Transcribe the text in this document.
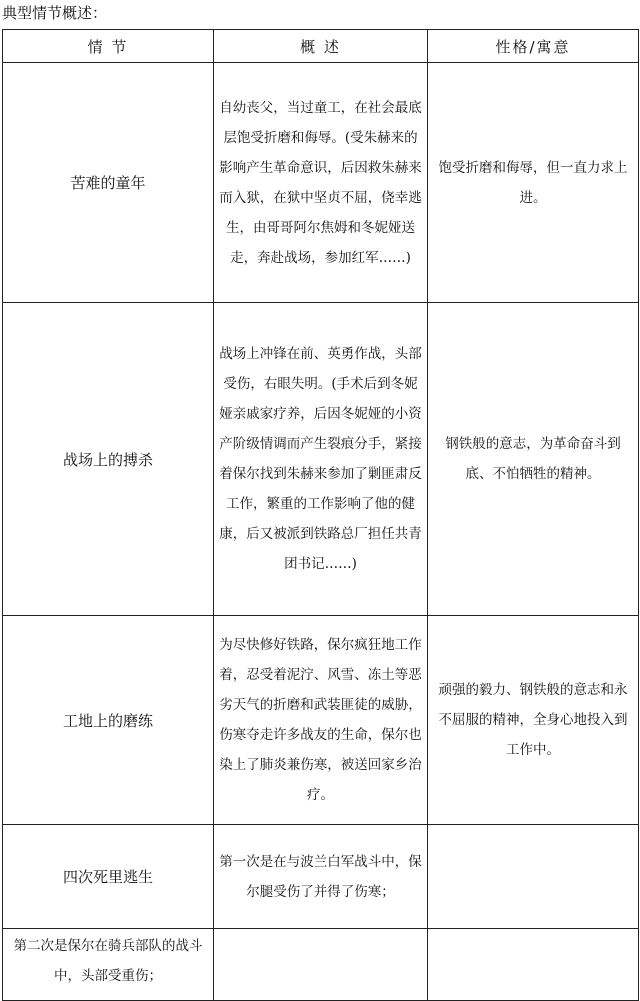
典型情节概述：
情 节	概 述	性格/寓意
苦难的童年	自幼丧父，当过童工，在社会最底层饱受折磨和侮辱。(受朱赫来的影响产生革命意识，后因救朱赫来而入狱，在狱中坚贞不屈，侥幸逃生，由哥哥阿尔焦姆和冬妮娅送走，奔赴战场，参加红军……)	饱受折磨和侮辱，但一直力求上进。
战场上的搏杀	战场上冲锋在前、英勇作战，头部受伤，右眼失明。(手术后到冬妮娅亲戚家疗养，后因冬妮娅的小资产阶级情调而产生裂痕分手，紧接着保尔找到朱赫来参加了剿匪肃反工作，繁重的工作影响了他的健康，后又被派到铁路总厂担任共青团书记……)	钢铁般的意志，为革命奋斗到底、不怕牺牲的精神。
工地上的磨练	为尽快修好铁路，保尔疯狂地工作着，忍受着泥泞、风雪、冻土等恶劣天气的折磨和武装匪徒的威胁，伤寒夺走许多战友的生命，保尔也染上了肺炎兼伤寒，被送回家乡治疗。	顽强的毅力、钢铁般的意志和永不屈服的精神，全身心地投入到工作中。
四次死里逃生	第一次是在与波兰白军战斗中，保尔腿受伤了并得了伤寒；	
第二次是保尔在骑兵部队的战斗中，头部受重伤；		
